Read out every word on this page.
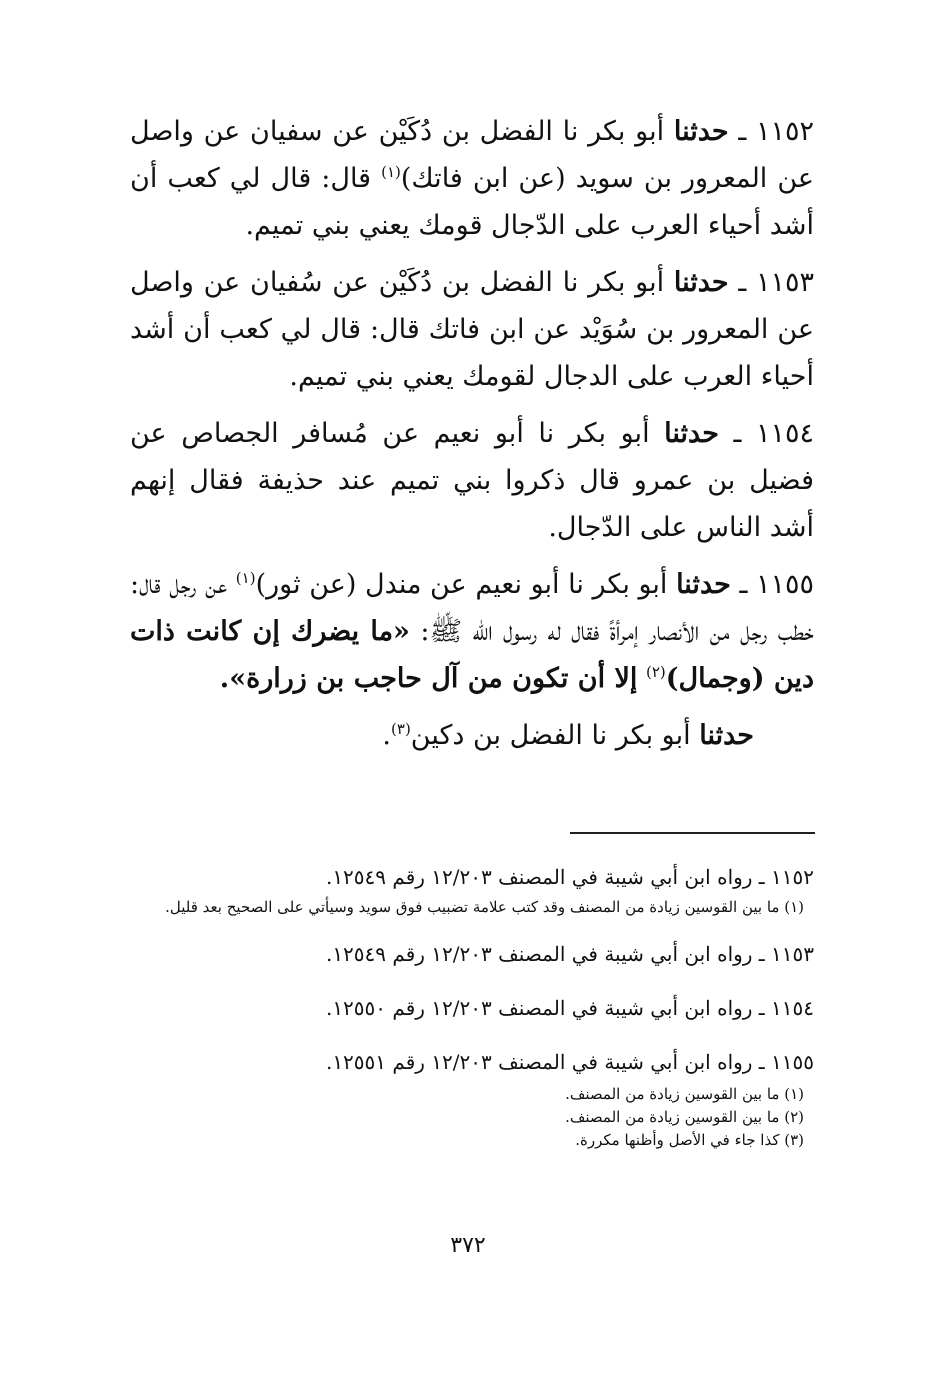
١١٥٢ ـ حدثنا أبو بكر نا الفضل بن دُكَيْن عن سفيان عن واصل عن المعرور بن سويد (عن ابن فاتك)$^{(١)}$ قال: قال لي كعب أن أشد أحياء العرب على الدّجال قومك يعني بني تميم.

١١٥٣ ـ حدثنا أبو بكر نا الفضل بن دُكَيْن عن سُفيان عن واصل عن المعرور بن سُوَيْد عن ابن فاتك قال: قال لي كعب أن أشد أحياء العرب على الدجال لقومك يعني بني تميم.

١١٥٤ ـ حدثنا أبو بكر نا أبو نعيم عن مُسافر الجصاص عن فضيل بن عمرو قال ذكروا بني تميم عند حذيفة فقال إنهم أشد الناس على الدّجال.

١١٥٥ ـ حدثنا أبو بكر نا أبو نعيم عن مندل (عن ثور)$^{(١)}$ عن رجل قال: خطب رجل من الأنصار إمرأةً فقال له رسول الله ﷺ: «ما يضرك إن كانت ذات دين (وجمال)$^{(٢)}$ إلا أن تكون من آل حاجب بن زرارة».

حدثنا أبو بكر نا الفضل بن دكين$^{(٣)}$.

١١٥٢ ـ رواه ابن أبي شيبة في المصنف ١٢/٢٠٣ رقم ١٢٥٤٩.

(١) ما بين القوسين زيادة من المصنف وقد كتب علامة تضبيب فوق سويد وسيأتي على الصحيح بعد قليل.

١١٥٣ ـ رواه ابن أبي شيبة في المصنف ١٢/٢٠٣ رقم ١٢٥٤٩.

١١٥٤ ـ رواه ابن أبي شيبة في المصنف ١٢/٢٠٣ رقم ١٢٥٥٠.

١١٥٥ ـ رواه ابن أبي شيبة في المصنف ١٢/٢٠٣ رقم ١٢٥٥١.

(١) ما بين القوسين زيادة من المصنف.

(٢) ما بين القوسين زيادة من المصنف.

(٣) كذا جاء في الأصل وأظنها مكررة.

٣٧٢
